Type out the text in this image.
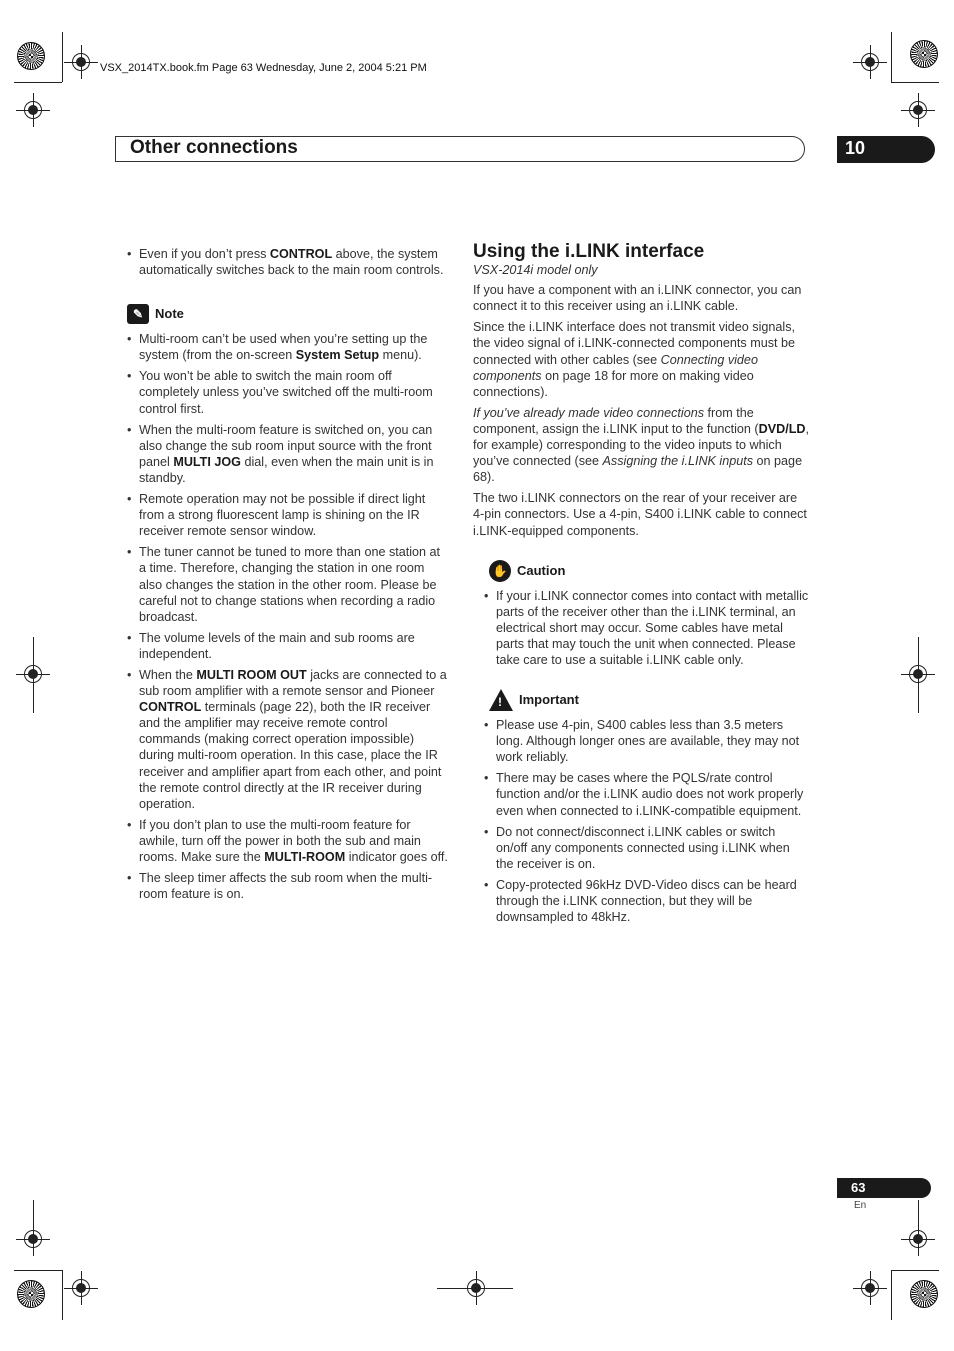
VSX_2014TX.book.fm Page 63 Wednesday, June 2, 2004 5:21 PM
Other connections	10
• Even if you don’t press CONTROL above, the system automatically switches back to the main room controls.
✎ Note
• Multi-room can’t be used when you’re setting up the system (from the on-screen System Setup menu).
• You won’t be able to switch the main room off completely unless you’ve switched off the multi-room control first.
• When the multi-room feature is switched on, you can also change the sub room input source with the front panel MULTI JOG dial, even when the main unit is in standby.
• Remote operation may not be possible if direct light from a strong fluorescent lamp is shining on the IR receiver remote sensor window.
• The tuner cannot be tuned to more than one station at a time. Therefore, changing the station in one room also changes the station in the other room. Please be careful not to change stations when recording a radio broadcast.
• The volume levels of the main and sub rooms are independent.
• When the MULTI ROOM OUT jacks are connected to a sub room amplifier with a remote sensor and Pioneer CONTROL terminals (page 22), both the IR receiver and the amplifier may receive remote control commands (making correct operation impossible) during multi-room operation. In this case, place the IR receiver and amplifier apart from each other, and point the remote control directly at the IR receiver during operation.
• If you don’t plan to use the multi-room feature for awhile, turn off the power in both the sub and main rooms. Make sure the MULTI-ROOM indicator goes off.
• The sleep timer affects the sub room when the multi-room feature is on.
Using the i.LINK interface

VSX-2014i model only

If you have a component with an i.LINK connector, you can connect it to this receiver using an i.LINK cable.

Since the i.LINK interface does not transmit video signals, the video signal of i.LINK-connected components must be connected with other cables (see Connecting video components on page 18 for more on making video connections).

If you’ve already made video connections from the component, assign the i.LINK input to the function (DVD/LD, for example) corresponding to the video inputs to which you’ve connected (see Assigning the i.LINK inputs on page 68).

The two i.LINK connectors on the rear of your receiver are 4-pin connectors. Use a 4-pin, S400 i.LINK cable to connect i.LINK-equipped components.

✋ Caution
• If your i.LINK connector comes into contact with metallic parts of the receiver other than the i.LINK terminal, an electrical short may occur. Some cables have metal parts that may touch the unit when connected. Please take care to use a suitable i.LINK cable only.
! Important
• Please use 4-pin, S400 cables less than 3.5 meters long. Although longer ones are available, they may not work reliably.
• There may be cases where the PQLS/rate control function and/or the i.LINK audio does not work properly even when connected to i.LINK-compatible equipment.
• Do not connect/disconnect i.LINK cables or switch on/off any components connected using i.LINK when the receiver is on.
• Copy-protected 96kHz DVD-Video discs can be heard through the i.LINK connection, but they will be downsampled to 48kHz.
63
En
